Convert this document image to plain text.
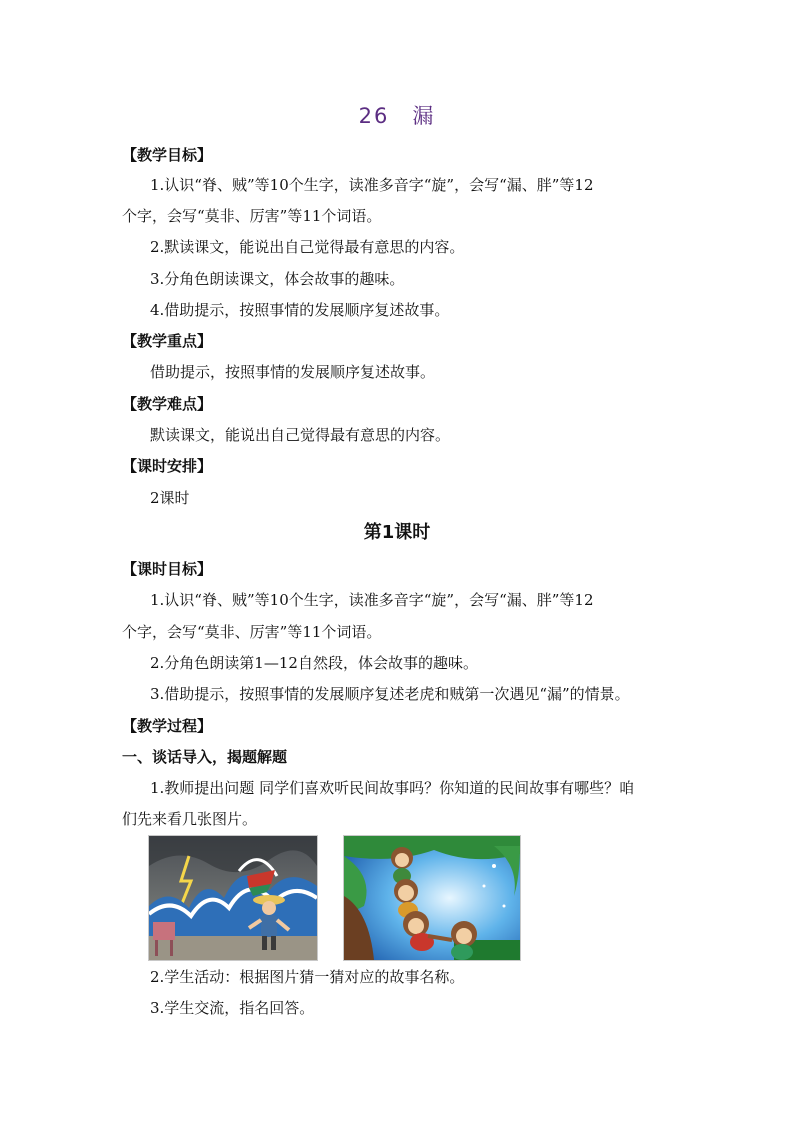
26　漏
【教学目标】
1.认识“脊、贼”等10个生字，读准多音字“旋”，会写“漏、胖”等12
个字，会写“莫非、厉害”等11个词语。
2.默读课文，能说出自己觉得最有意思的内容。
3.分角色朗读课文，体会故事的趣味。
4.借助提示，按照事情的发展顺序复述故事。
【教学重点】
借助提示，按照事情的发展顺序复述故事。
【教学难点】
默读课文，能说出自己觉得最有意思的内容。
【课时安排】
2课时
第1课时
【课时目标】
1.认识“脊、贼”等10个生字，读准多音字“旋”，会写“漏、胖”等12
个字，会写“莫非、厉害”等11个词语。
2.分角色朗读第1—12自然段，体会故事的趣味。
3.借助提示，按照事情的发展顺序复述老虎和贼第一次遇见“漏”的情景。
【教学过程】
一、谈话导入，揭题解题
1.教师提出问题 同学们喜欢听民间故事吗？你知道的民间故事有哪些？咱
们先来看几张图片。
2.学生活动：根据图片猜一猜对应的故事名称。
3.学生交流，指名回答。
